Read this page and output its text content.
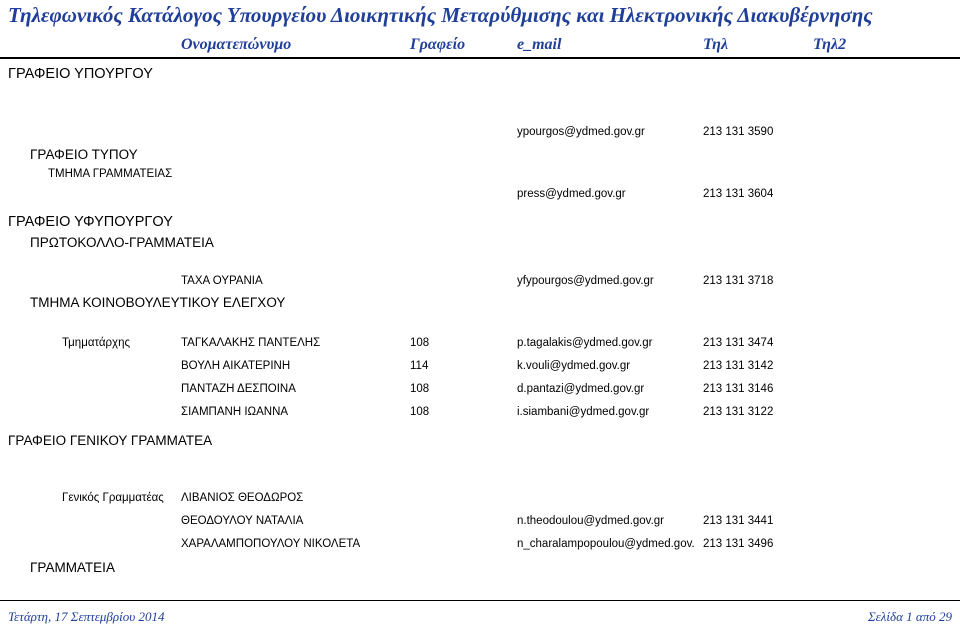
Τηλεφωνικός Κατάλογος Υπουργείου Διοικητικής Μεταρύθμισης και Ηλεκτρονικής Διακυβέρνησης
Ονοματεπώνυμο	Γραφείο	e_mail	Τηλ	Τηλ2
ΓΡΑΦΕΙΟ ΥΠΟΥΡΓΟΥ
ypourgos@ydmed.gov.gr	213 131 3590
ΓΡΑΦΕΙΟ ΤΥΠΟΥ
ΤΜΗΜΑ ΓΡΑΜΜΑΤΕΙΑΣ
press@ydmed.gov.gr	213 131 3604
ΓΡΑΦΕΙΟ ΥΦΥΠΟΥΡΓΟΥ
ΠΡΩΤΟΚΟΛΛΟ-ΓΡΑΜΜΑΤΕΙΑ
ΤΑΧΑ ΟΥΡΑΝΙΑ	yfypourgos@ydmed.gov.gr	213 131 3718
ΤΜΗΜΑ ΚΟΙΝΟΒΟΥΛΕΥΤΙΚΟΥ ΕΛΕΓΧΟΥ
Τμηματάρχης	ΤΑΓΚΑΛΑΚΗΣ ΠΑΝΤΕΛΗΣ	108	p.tagalakis@ydmed.gov.gr	213 131 3474
ΒΟΥΛΗ ΑΙΚΑΤΕΡΙΝΗ	114	k.vouli@ydmed.gov.gr	213 131 3142
ΠΑΝΤΑΖΗ ΔΕΣΠΟΙΝΑ	108	d.pantazi@ydmed.gov.gr	213 131 3146
ΣΙΑΜΠΑΝΗ ΙΩΑΝΝΑ	108	i.siambani@ydmed.gov.gr	213 131 3122
ΓΡΑΦΕΙΟ ΓΕΝΙΚΟΥ ΓΡΑΜΜΑΤΕΑ
Γενικός Γραμματέας ΛΙΒΑΝΙΟΣ ΘΕΟΔΩΡΟΣ
ΘΕΟΔΟΥΛΟΥ ΝΑΤΑΛΙΑ	n.theodoulou@ydmed.gov.gr	213 131 3441
ΧΑΡΑΛΑΜΠΟΠΟΥΛΟΥ ΝΙΚΟΛΕΤΑ	n_charalampopoulou@ydmed.gov. 213 131 3496
ΓΡΑΜΜΑΤΕΙΑ
Τετάρτη, 17 Σεπτεμβρίου 2014	Σελίδα 1 από 29
